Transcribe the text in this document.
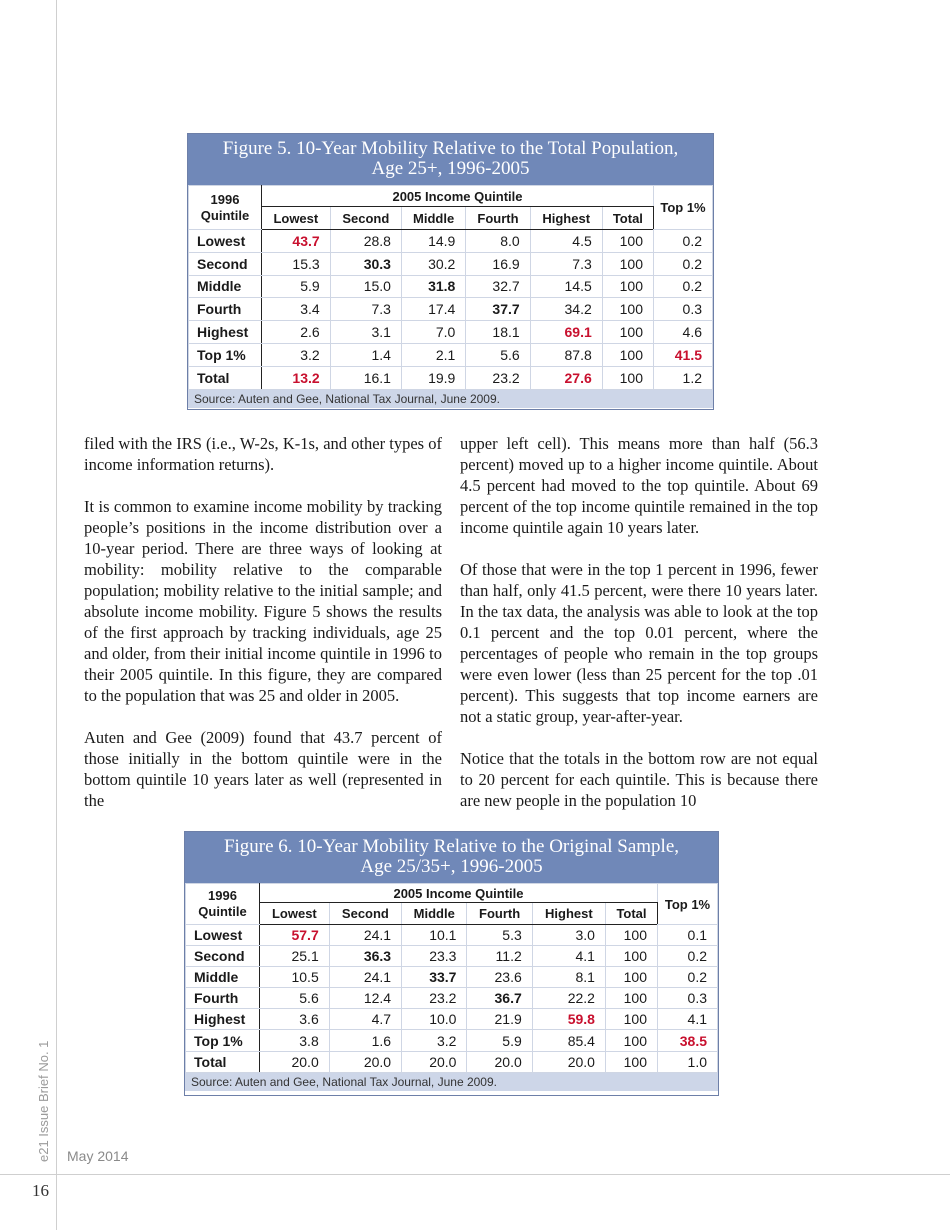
Figure 5. 10-Year Mobility Relative to the Total Population,
Age 25+, 1996-2005
1996
Quintile	2005 Income Quintile						Top 1%
	Lowest	Second	Middle	Fourth	Highest	Total	
Lowest	43.7	28.8	14.9	8.0	4.5	100	0.2
Second	15.3	30.3	30.2	16.9	7.3	100	0.2
Middle	5.9	15.0	31.8	32.7	14.5	100	0.2
Fourth	3.4	7.3	17.4	37.7	34.2	100	0.3
Highest	2.6	3.1	7.0	18.1	69.1	100	4.6
Top 1%	3.2	1.4	2.1	5.6	87.8	100	41.5
Total	13.2	16.1	19.9	23.2	27.6	100	1.2
Source: Auten and Gee, National Tax Journal, June 2009.

filed with the IRS (i.e., W-2s, K-1s, and other types of income information returns).

It is common to examine income mobility by tracking people’s positions in the income distribution over a 10-year period. There are three ways of looking at mobility: mobility relative to the comparable population; mobility relative to the initial sample; and absolute income mobility. Figure 5 shows the results of the first approach by tracking individuals, age 25 and older, from their initial income quintile in 1996 to their 2005 quintile. In this figure, they are compared to the population that was 25 and older in 2005.

Auten and Gee (2009) found that 43.7 percent of those initially in the bottom quintile were in the bottom quintile 10 years later as well (represented in the

upper left cell). This means more than half (56.3 percent) moved up to a higher income quintile. About 4.5 percent had moved to the top quintile. About 69 percent of the top income quintile remained in the top income quintile again 10 years later.

Of those that were in the top 1 percent in 1996, fewer than half, only 41.5 percent, were there 10 years later. In the tax data, the analysis was able to look at the top 0.1 percent and the top 0.01 percent, where the percentages of people who remain in the top groups were even lower (less than 25 percent for the top .01 percent). This suggests that top income earners are not a static group, year-after-year.

Notice that the totals in the bottom row are not equal to 20 percent for each quintile. This is because there are new people in the population 10

Figure 6. 10-Year Mobility Relative to the Original Sample,
Age 25/35+, 1996-2005
1996
Quintile	2005 Income Quintile						Top 1%
	Lowest	Second	Middle	Fourth	Highest	Total	
Lowest	57.7	24.1	10.1	5.3	3.0	100	0.1
Second	25.1	36.3	23.3	11.2	4.1	100	0.2
Middle	10.5	24.1	33.7	23.6	8.1	100	0.2
Fourth	5.6	12.4	23.2	36.7	22.2	100	0.3
Highest	3.6	4.7	10.0	21.9	59.8	100	4.1
Top 1%	3.8	1.6	3.2	5.9	85.4	100	38.5
Total	20.0	20.0	20.0	20.0	20.0	100	1.0
Source: Auten and Gee, National Tax Journal, June 2009.
e21 Issue Brief No. 1 May 2014
16
